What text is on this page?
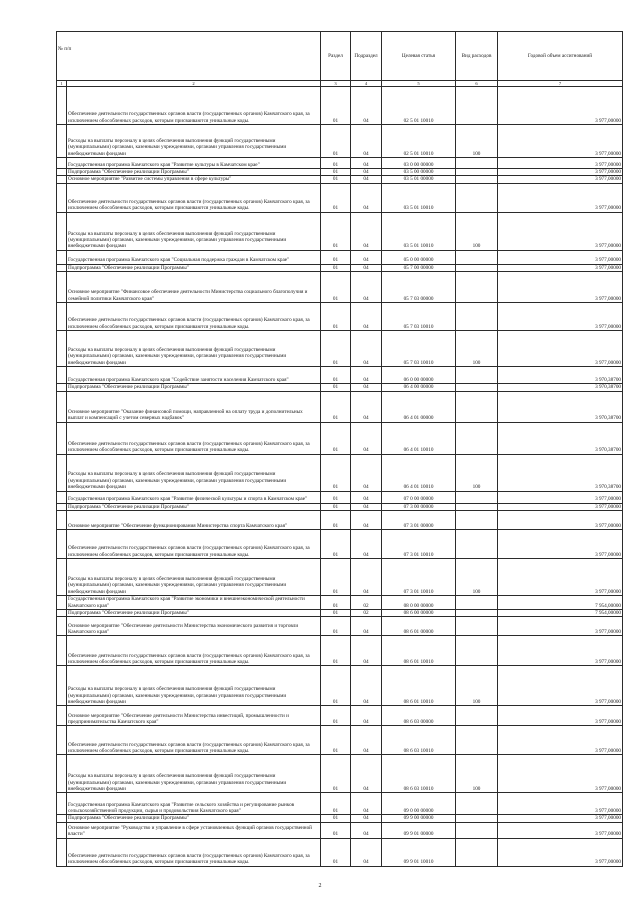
№ п/п		Раздел	Подраздел	Целевая статья	Вид расходов	Годовой объем ассигнований
1	2	3	4	5	6	7
	Обеспечение деятельности государственных органов власти (государственных органов) Камчатского края, за исключением обособленных расходов, которым присваиваются уникальные коды.	01	04	02 5 01 10010		3 977,00000
	Расходы на выплаты персоналу в целях обеспечения выполнения функций государственными (муниципальными) органами, казенными учреждениями, органами управления государственными внебюджетными фондами	01	04	02 5 01 10010	100	3 977,00000
	Государственная программа Камчатского края "Развитие культуры в Камчатском крае"	01	04	03 0 00 00000		3 977,00000
	Подпрограмма "Обеспечение реализации Программы"	01	04	03 5 00 00000		3 977,00000
	Основное мероприятие "Развитие системы управления в сфере культуры"	01	04	03 5 01 00000		3 977,00000
	Обеспечение деятельности государственных органов власти (государственных органов) Камчатского края, за исключением обособленных расходов, которым присваиваются уникальные коды.	01	04	03 5 01 10010		3 977,00000
	Расходы на выплаты персоналу в целях обеспечения выполнения функций государственными (муниципальными) органами, казенными учреждениями, органами управления государственными внебюджетными фондами	01	04	03 5 01 10010	100	3 977,00000
	Государственная программа Камчатского края "Социальная поддержка граждан в Камчатском крае"	01	04	05 0 00 00000		3 977,00000
	Подпрограмма "Обеспечение реализации Программы"	01	04	05 7 00 00000		3 977,00000
	Основное мероприятие "Финансовое обеспечение деятельности Министерства социального благополучия и семейной политики Камчатского края"	01	04	05 7 03 00000		3 977,00000
	Обеспечение деятельности государственных органов власти (государственных органов) Камчатского края, за исключением обособленных расходов, которым присваиваются уникальные коды.	01	04	05 7 03 10010		3 977,00000
	Расходы на выплаты персоналу в целях обеспечения выполнения функций государственными (муниципальными) органами, казенными учреждениями, органами управления государственными внебюджетными фондами	01	04	05 7 03 10010	100	3 977,00000
	Государственная программа Камчатского края "Содействие занятости населения Камчатского края"	01	04	06 0 00 00000		3 970,38700
	Подпрограмма "Обеспечение реализации Программы"	01	04	06 4 00 00000		3 970,38700
	Основное мероприятие "Оказание финансовой помощи, направленной на оплату труда и дополнительных выплат и компенсаций с учетом северных надбавок"	01	04	06 4 01 00000		3 970,38700
	Обеспечение деятельности государственных органов власти (государственных органов) Камчатского края, за исключением обособленных расходов, которым присваиваются уникальные коды.	01	04	06 4 01 10010		3 970,38700
	Расходы на выплаты персоналу в целях обеспечения выполнения функций государственными (муниципальными) органами, казенными учреждениями, органами управления государственными внебюджетными фондами	01	04	06 4 01 10010	100	3 970,38700
	Государственная программа Камчатского края "Развитие физической культуры и спорта в Камчатском крае"	01	04	07 0 00 00000		3 977,00000
	Подпрограмма "Обеспечение реализации Программы"	01	04	07 3 00 00000		3 977,00000
	Основное мероприятие "Обеспечение функционирования Министерства спорта Камчатского края"	01	04	07 3 01 00000		3 977,00000
	Обеспечение деятельности государственных органов власти (государственных органов) Камчатского края, за исключением обособленных расходов, которым присваиваются уникальные коды.	01	04	07 3 01 10010		3 977,00000
	Расходы на выплаты персоналу в целях обеспечения выполнения функций государственными (муниципальными) органами, казенными учреждениями, органами управления государственными внебюджетными фондами	01	04	07 3 01 10010	100	3 977,00000
	Государственная программа Камчатского края "Развитие экономики и внешнеэкономической деятельности Камчатского края"	01	02	08 0 00 00000		7 954,00000
	Подпрограмма "Обеспечение реализации Программы"	01	02	08 6 00 00000		7 954,00000
	Основное мероприятие "Обеспечение деятельности Министерства экономического развития и торговли Камчатского края"	01	04	08 6 01 00000		3 977,00000
	Обеспечение деятельности государственных органов власти (государственных органов) Камчатского края, за исключением обособленных расходов, которым присваиваются уникальные коды.	01	04	08 6 01 10010		3 977,00000
	Расходы на выплаты персоналу в целях обеспечения выполнения функций государственными (муниципальными) органами, казенными учреждениями, органами управления государственными внебюджетными фондами	01	04	08 6 01 10010	100	3 977,00000
	Основное мероприятие "Обеспечение деятельности Министерства инвестиций, промышленности и предпринимательства Камчатского края"	01	04	08 6 03 00000		3 977,00000
	Обеспечение деятельности государственных органов власти (государственных органов) Камчатского края, за исключением обособленных расходов, которым присваиваются уникальные коды.	01	04	08 6 03 10010		3 977,00000
	Расходы на выплаты персоналу в целях обеспечения выполнения функций государственными (муниципальными) органами, казенными учреждениями, органами управления государственными внебюджетными фондами	01	04	08 6 03 10010	100	3 977,00000
	Государственная программа Камчатского края "Развитие сельского хозяйства и регулирование рынков сельскохозяйственной продукции, сырья и продовольствия Камчатского края"	01	04	09 0 00 00000		3 977,00000
	Подпрограмма "Обеспечение реализации Программы"	01	04	09 9 00 00000		3 977,00000
	Основное мероприятие "Руководство и управление в сфере установленных функций органов государственной власти"	01	04	09 9 01 00000		3 977,00000
	Обеспечение деятельности государственных органов власти (государственных органов) Камчатского края, за исключением обособленных расходов, которым присваиваются уникальные коды.	01	04	09 9 01 10010		3 977,00000
2
